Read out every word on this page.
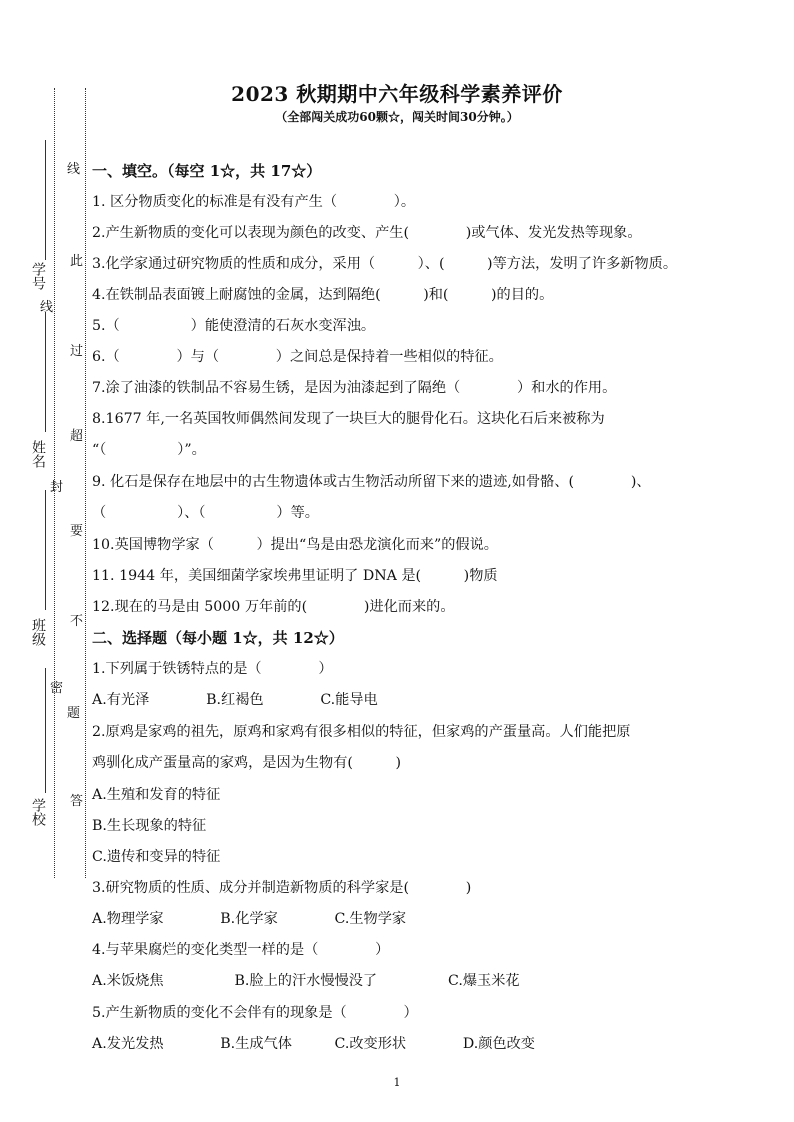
学号
姓名
班级
学校
线
此
线
过
超
封
要
不
密
题
答
2023 秋期期中六年级科学素养评价
（全部闯关成功60颗☆，闯关时间30分钟。）
一、填空。（每空 1☆，共 17☆）
1. 区分物质变化的标准是有没有产生（　　　　）。
2.产生新物质的变化可以表现为颜色的改变、产生(　　　　)或气体、发光发热等现象。
3.化学家通过研究物质的性质和成分，采用（　　　）、(　　　)等方法，发明了许多新物质。
4.在铁制品表面镀上耐腐蚀的金属，达到隔绝(　　　)和(　　　)的目的。
5.（　　　　　）能使澄清的石灰水变浑浊。
6.（　　　　）与（　　　　）之间总是保持着一些相似的特征。
7.涂了油漆的铁制品不容易生锈，是因为油漆起到了隔绝（　　　　）和水的作用。
8.1677 年,一名英国牧师偶然间发现了一块巨大的腿骨化石。这块化石后来被称为
“（　　　　　）”。
9. 化石是保存在地层中的古生物遗体或古生物活动所留下来的遗迹,如骨骼、(　　　　)、
（　　　　　）、（　　　　　）等。
10.英国博物学家（　　　）提出“鸟是由恐龙演化而来”的假说。
11. 1944 年，美国细菌学家埃弗里证明了 DNA 是(　　　)物质
12.现在的马是由 5000 万年前的(　　　　)进化而来的。
二、选择题（每小题 1☆，共 12☆）
1.下列属于铁锈特点的是（　　　　）
A.有光泽　　　　B.红褐色　　　　C.能导电
2.原鸡是家鸡的祖先，原鸡和家鸡有很多相似的特征，但家鸡的产蛋量高。人们能把原
鸡驯化成产蛋量高的家鸡，是因为生物有(　　　)
A.生殖和发育的特征
B.生长现象的特征
C.遗传和变异的特征
3.研究物质的性质、成分并制造新物质的科学家是(　　　　)
A.物理学家　　　　B.化学家　　　　C.生物学家
4.与苹果腐烂的变化类型一样的是（　　　　）
A.米饭烧焦　　　　　B.脸上的汗水慢慢没了　　　　　C.爆玉米花
5.产生新物质的变化不会伴有的现象是（　　　　）
A.发光发热　　　　B.生成气体　　　C.改变形状　　　　D.颜色改变
1
